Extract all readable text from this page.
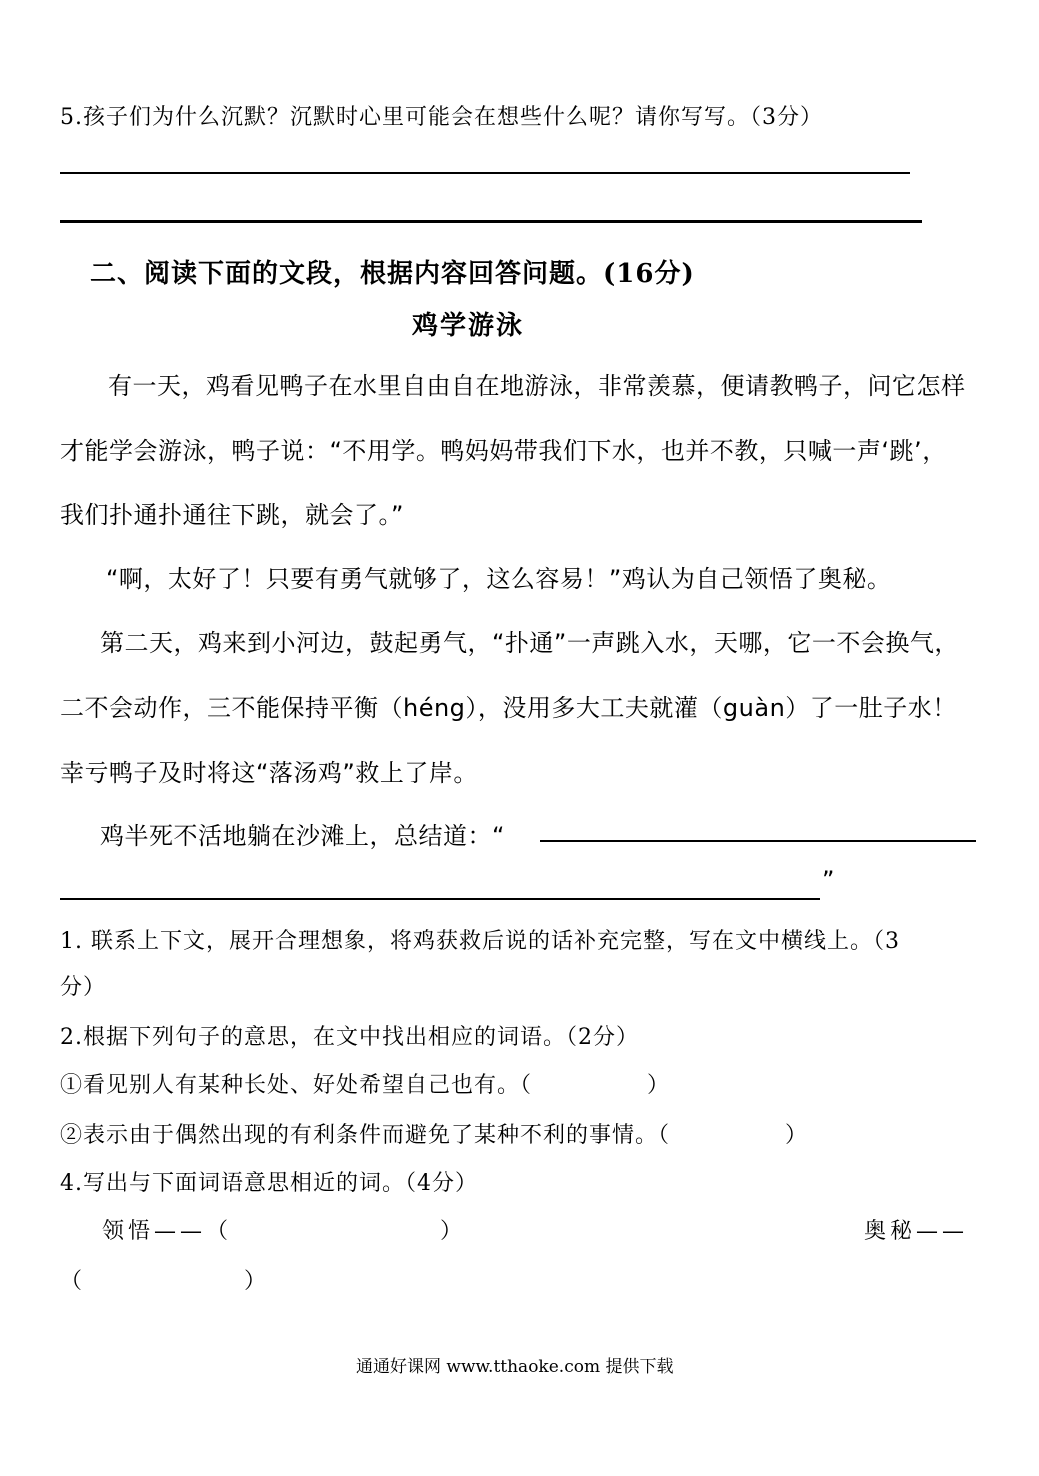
5.孩子们为什么沉默？沉默时心里可能会在想些什么呢？请你写写。（3分）
二、阅读下面的文段，根据内容回答问题。(16分)
鸡学游泳
有一天，鸡看见鸭子在水里自由自在地游泳，非常羡慕，便请教鸭子，问它怎样
才能学会游泳，鸭子说：“不用学。鸭妈妈带我们下水，也并不教，只喊一声‘跳’，
我们扑通扑通往下跳，就会了。”
“啊，太好了！只要有勇气就够了，这么容易！”鸡认为自己领悟了奥秘。
第二天，鸡来到小河边，鼓起勇气，“扑通”一声跳入水，天哪，它一不会换气，
二不会动作，三不能保持平衡（héng），没用多大工夫就灌（guàn）了一肚子水！
幸亏鸭子及时将这“落汤鸡”救上了岸。
鸡半死不活地躺在沙滩上，总结道：“
”
1. 联系上下文，展开合理想象，将鸡获救后说的话补充完整，写在文中横线上。（3
分）
2.根据下列句子的意思，在文中找出相应的词语。（2分）
①看见别人有某种长处、好处希望自己也有。（　　　　　）
②表示由于偶然出现的有利条件而避免了某种不利的事情。（　　　　　）
4.写出与下面词语意思相近的词。（4分）
领悟——（　　　　　　　　）	奥秘——
（　　　　　　　）
通通好课网 www.tthaoke.com 提供下载
